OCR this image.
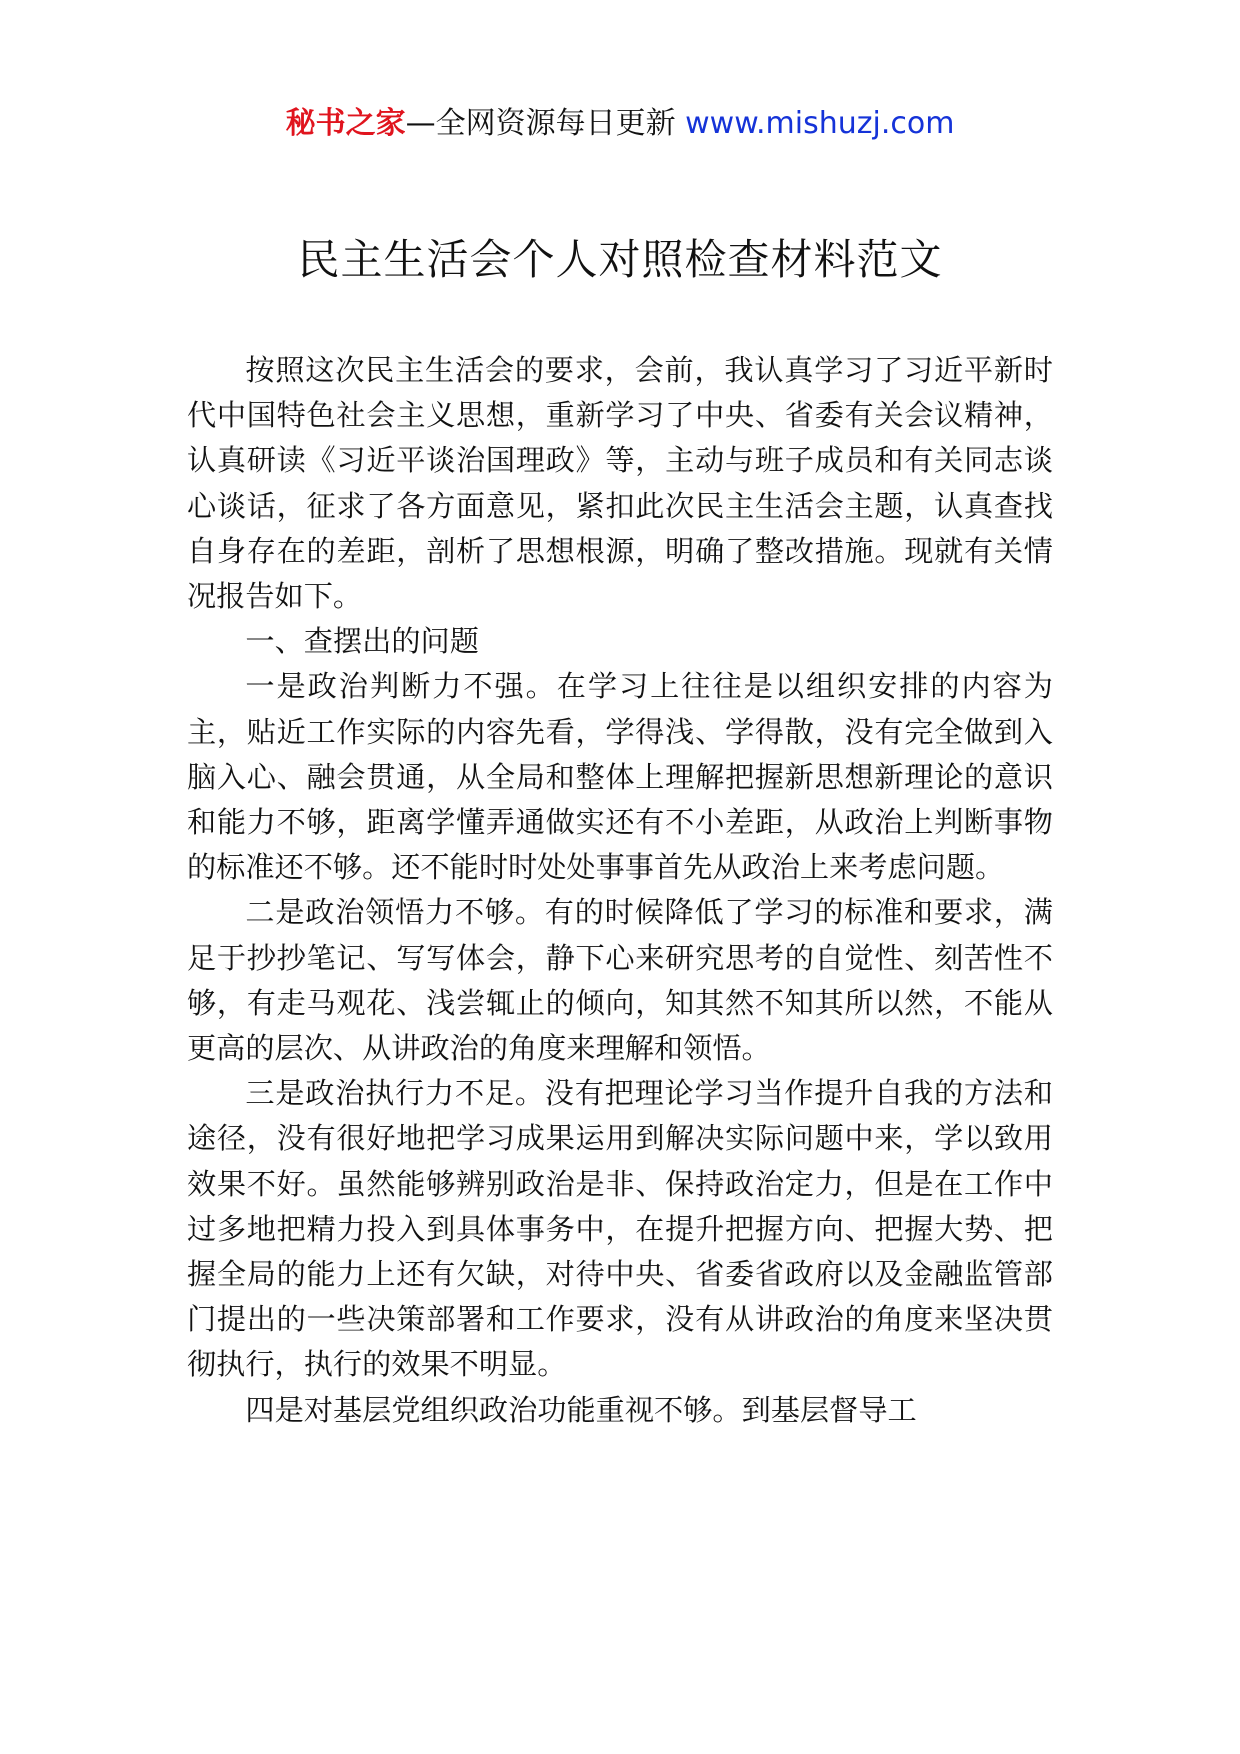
秘书之家—全网资源每日更新 www.mishuzj.com
民主生活会个人对照检查材料范文

按照这次民主生活会的要求，会前，我认真学习了习近平新时代中国特色社会主义思想，重新学习了中央、省委有关会议精神，认真研读《习近平谈治国理政》等，主动与班子成员和有关同志谈心谈话，征求了各方面意见，紧扣此次民主生活会主题，认真查找自身存在的差距，剖析了思想根源，明确了整改措施。现就有关情况报告如下。

一、查摆出的问题

一是政治判断力不强。在学习上往往是以组织安排的内容为主，贴近工作实际的内容先看，学得浅、学得散，没有完全做到入脑入心、融会贯通，从全局和整体上理解把握新思想新理论的意识和能力不够，距离学懂弄通做实还有不小差距，从政治上判断事物的标准还不够。还不能时时处处事事首先从政治上来考虑问题。

二是政治领悟力不够。有的时候降低了学习的标准和要求，满足于抄抄笔记、写写体会，静下心来研究思考的自觉性、刻苦性不够，有走马观花、浅尝辄止的倾向，知其然不知其所以然，不能从更高的层次、从讲政治的角度来理解和领悟。

三是政治执行力不足。没有把理论学习当作提升自我的方法和途径，没有很好地把学习成果运用到解决实际问题中来，学以致用效果不好。虽然能够辨别政治是非、保持政治定力，但是在工作中过多地把精力投入到具体事务中，在提升把握方向、把握大势、把握全局的能力上还有欠缺，对待中央、省委省政府以及金融监管部门提出的一些决策部署和工作要求，没有从讲政治的角度来坚决贯彻执行，执行的效果不明显。

四是对基层党组织政治功能重视不够。到基层督导工
